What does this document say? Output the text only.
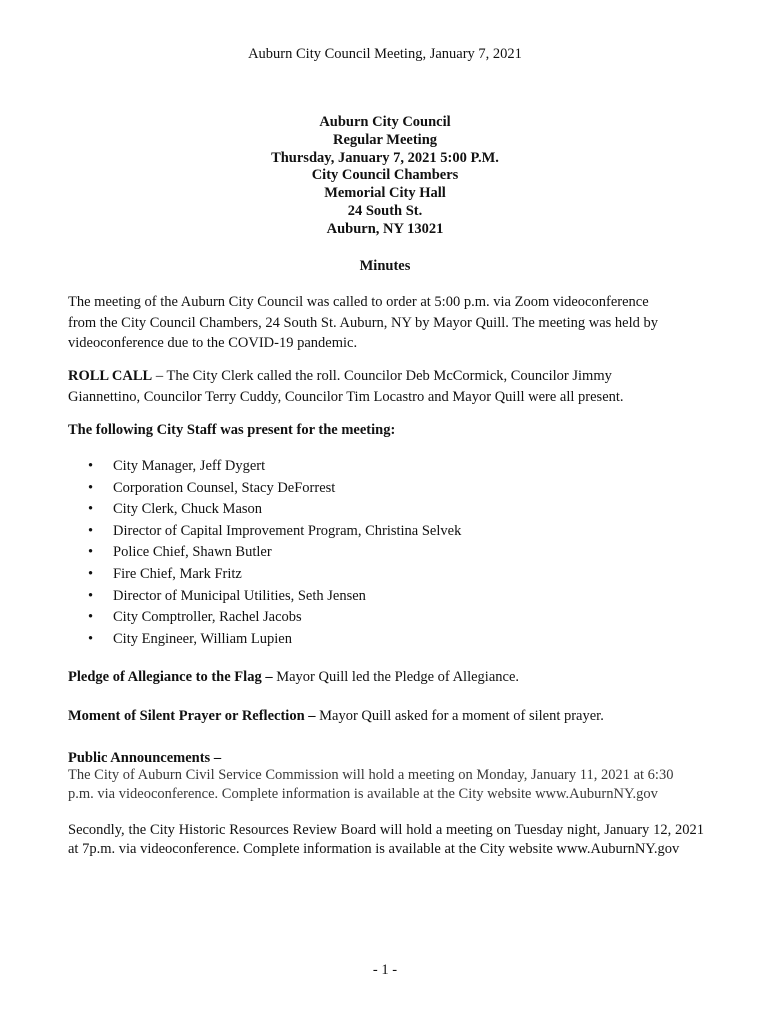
Auburn City Council Meeting, January 7, 2021
Auburn City Council
Regular Meeting
Thursday, January 7, 2021 5:00 P.M.
City Council Chambers
Memorial City Hall
24 South St.
Auburn, NY 13021
Minutes
The meeting of the Auburn City Council was called to order at 5:00 p.m. via Zoom videoconference
from the City Council Chambers, 24 South St. Auburn, NY by Mayor Quill. The meeting was held by
videoconference due to the COVID-19 pandemic.
ROLL CALL – The City Clerk called the roll. Councilor Deb McCormick, Councilor Jimmy
Giannettino, Councilor Terry Cuddy, Councilor Tim Locastro and Mayor Quill were all present.
The following City Staff was present for the meeting:
• City Manager, Jeff Dygert
• Corporation Counsel, Stacy DeForrest
• City Clerk, Chuck Mason
• Director of Capital Improvement Program, Christina Selvek
• Police Chief, Shawn Butler
• Fire Chief, Mark Fritz
• Director of Municipal Utilities, Seth Jensen
• City Comptroller, Rachel Jacobs
• City Engineer, William Lupien
Pledge of Allegiance to the Flag – Mayor Quill led the Pledge of Allegiance.
Moment of Silent Prayer or Reflection – Mayor Quill asked for a moment of silent prayer.
Public Announcements –
The City of Auburn Civil Service Commission will hold a meeting on Monday, January 11, 2021 at 6:30
p.m. via videoconference. Complete information is available at the City website www.AuburnNY.gov
Secondly, the City Historic Resources Review Board will hold a meeting on Tuesday night, January 12, 2021 at 7p.m. via videoconference. Complete information is available at the City website www.AuburnNY.gov
- 1 -
